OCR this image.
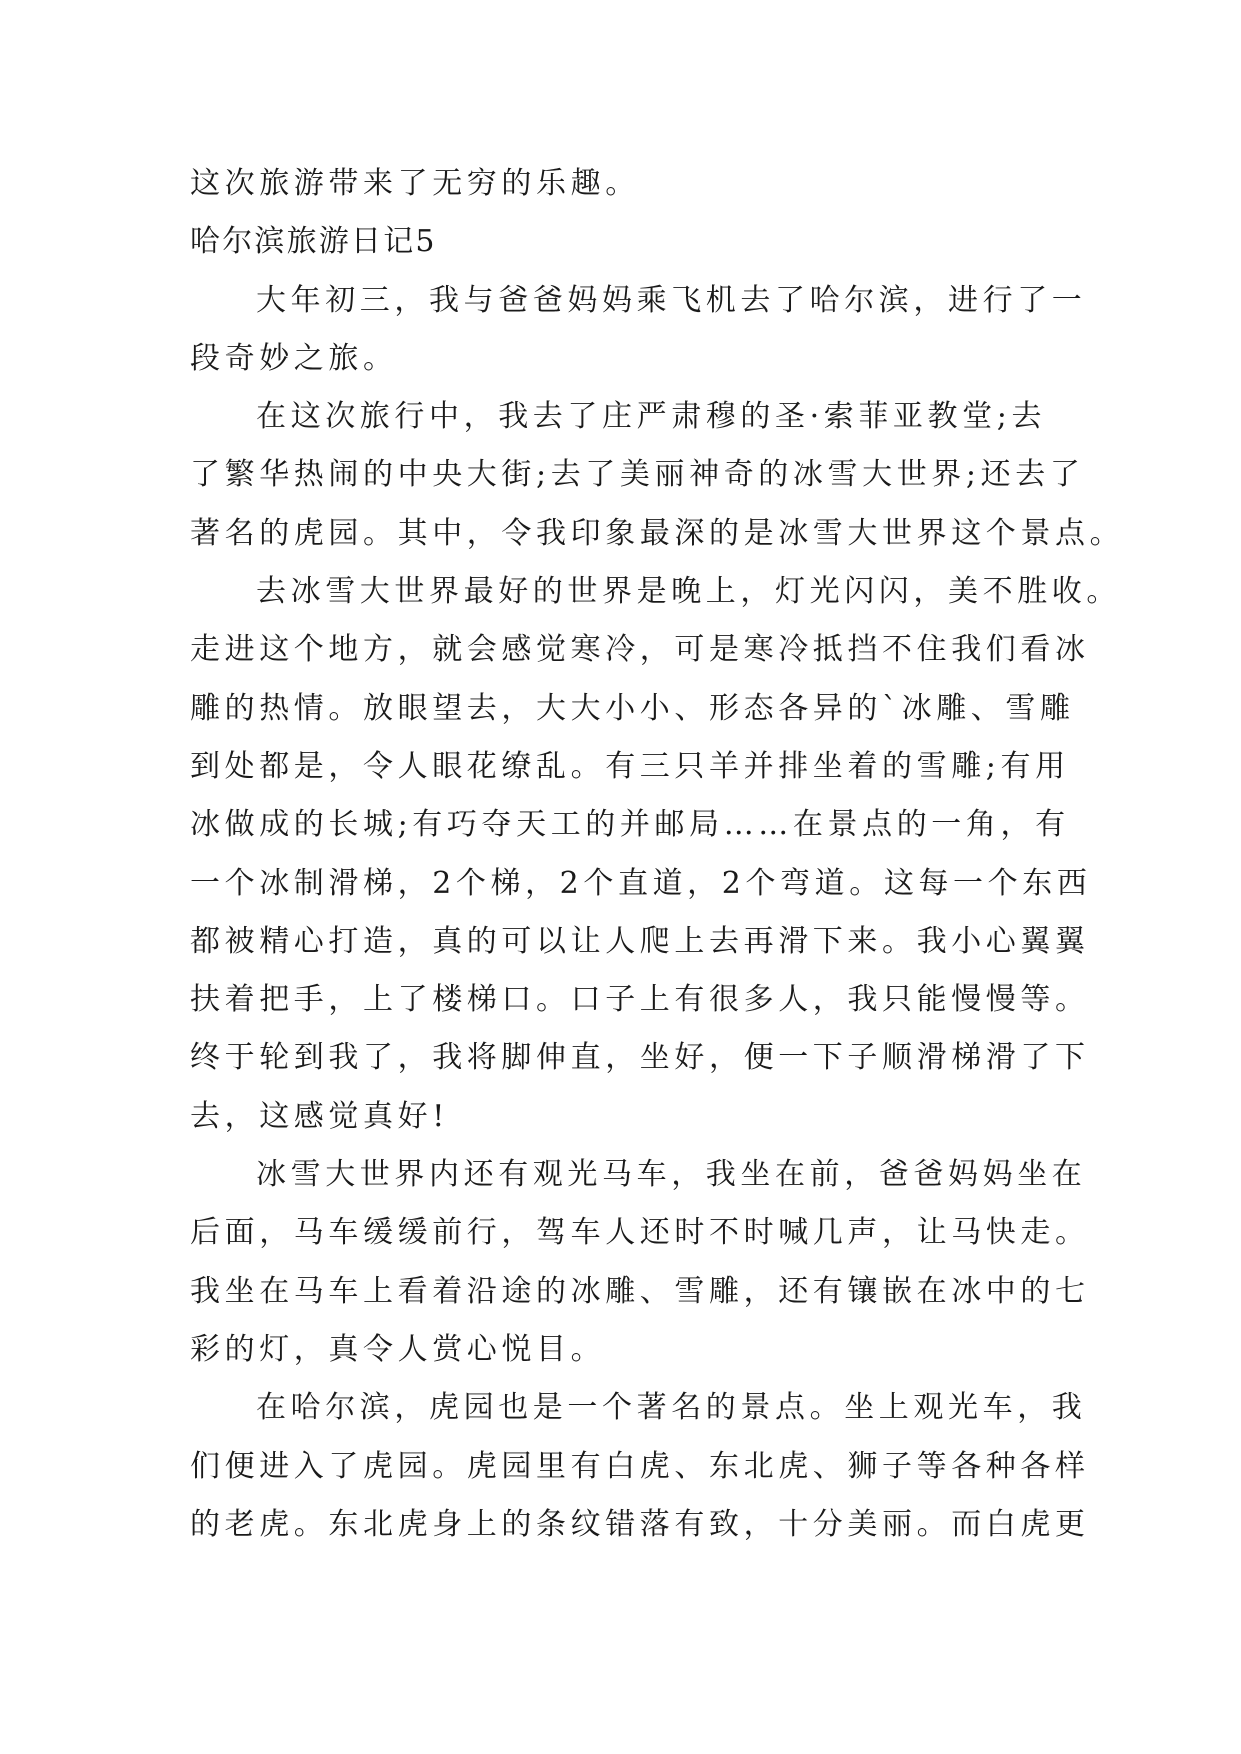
这次旅游带来了无穷的乐趣。
哈尔滨旅游日记5
大年初三，我与爸爸妈妈乘飞机去了哈尔滨，进行了一
段奇妙之旅。
在这次旅行中，我去了庄严肃穆的圣·索菲亚教堂;去
了繁华热闹的中央大街;去了美丽神奇的冰雪大世界;还去了
著名的虎园。其中，令我印象最深的是冰雪大世界这个景点。
去冰雪大世界最好的世界是晚上，灯光闪闪，美不胜收。
走进这个地方，就会感觉寒冷，可是寒冷抵挡不住我们看冰
雕的热情。放眼望去，大大小小、形态各异的`冰雕、雪雕
到处都是，令人眼花缭乱。有三只羊并排坐着的雪雕;有用
冰做成的长城;有巧夺天工的并邮局……在景点的一角，有
一个冰制滑梯，2个梯，2个直道，2个弯道。这每一个东西
都被精心打造，真的可以让人爬上去再滑下来。我小心翼翼
扶着把手，上了楼梯口。口子上有很多人，我只能慢慢等。
终于轮到我了，我将脚伸直，坐好，便一下子顺滑梯滑了下
去，这感觉真好!
冰雪大世界内还有观光马车，我坐在前，爸爸妈妈坐在
后面，马车缓缓前行，驾车人还时不时喊几声，让马快走。
我坐在马车上看着沿途的冰雕、雪雕，还有镶嵌在冰中的七
彩的灯，真令人赏心悦目。
在哈尔滨，虎园也是一个著名的景点。坐上观光车，我
们便进入了虎园。虎园里有白虎、东北虎、狮子等各种各样
的老虎。东北虎身上的条纹错落有致，十分美丽。而白虎更
